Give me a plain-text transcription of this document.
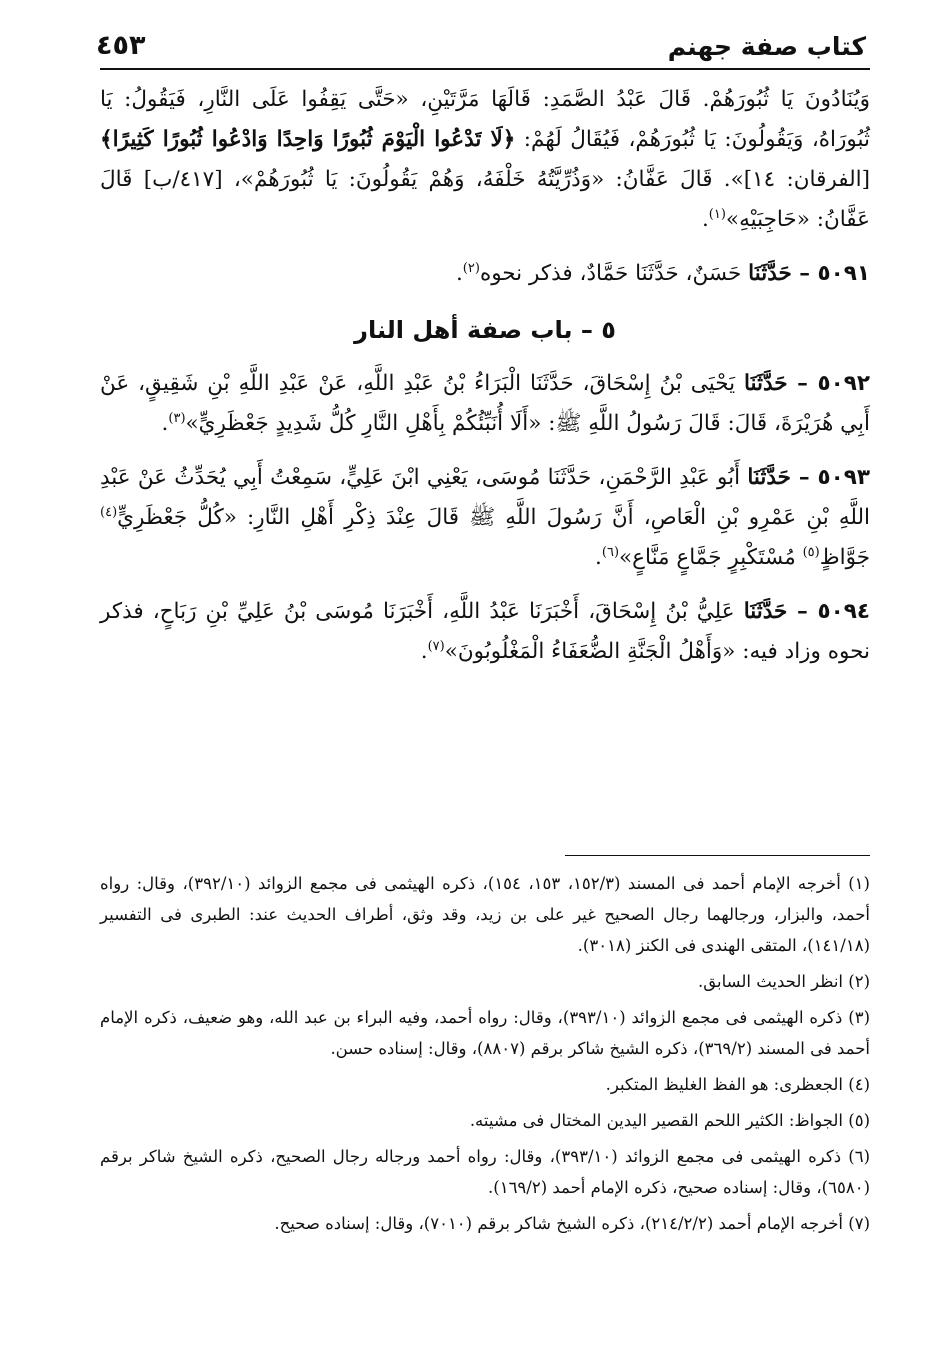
كتاب صفة جهنم
٤٥٣

وَيُنَادُونَ يَا ثُبُورَهُمْ. قَالَ عَبْدُ الصَّمَدِ: قَالَهَا مَرَّتَيْنِ، «حَتَّى يَقِفُوا عَلَى النَّارِ، فَيَقُولُ: يَا ثُبُورَاهُ، وَيَقُولُونَ: يَا ثُبُورَهُمْ، فَيُقَالُ لَهُمْ: ﴿لَا تَدْعُوا الْيَوْمَ ثُبُورًا وَاحِدًا وَادْعُوا ثُبُورًا كَثِيرًا﴾ [الفرقان: ١٤]». قَالَ عَفَّانُ: «وَذُرِّيَّتُهُ خَلْفَهُ، وَهُمْ يَقُولُونَ: يَا ثُبُورَهُمْ»، [٤١٧/ب] قَالَ عَفَّانُ: «حَاجِبَيْهِ»$^{(١)}$.

٥٠٩١ – حَدَّثَنَا حَسَنٌ، حَدَّثَنَا حَمَّادٌ، فذكر نحوه$^{(٢)}$.

٥ – باب صفة أهل النار

٥٠٩٢ – حَدَّثَنَا يَحْيَى بْنُ إِسْحَاقَ، حَدَّثَنَا الْبَرَاءُ بْنُ عَبْدِ اللَّهِ، عَنْ عَبْدِ اللَّهِ بْنِ شَقِيقٍ، عَنْ أَبِي هُرَيْرَةَ، قَالَ: قَالَ رَسُولُ اللَّهِ ﷺ: «أَلَا أُنَبِّئُكُمْ بِأَهْلِ النَّارِ كُلُّ شَدِيدٍ جَعْظَرِيٍّ»$^{(٣)}$.

٥٠٩٣ – حَدَّثَنَا أَبُو عَبْدِ الرَّحْمَنِ، حَدَّثَنَا مُوسَى، يَعْنِي ابْنَ عَلِيٍّ، سَمِعْتُ أَبِي يُحَدِّثُ عَنْ عَبْدِ اللَّهِ بْنِ عَمْرِو بْنِ الْعَاصِ، أَنَّ رَسُولَ اللَّهِ ﷺ قَالَ عِنْدَ ذِكْرِ أَهْلِ النَّارِ: «كُلُّ جَعْظَرِيٍّ$^{(٤)}$ جَوَّاظٍ$^{(٥)}$ مُسْتَكْبِرٍ جَمَّاعٍ مَنَّاعٍ»$^{(٦)}$.

٥٠٩٤ – حَدَّثَنَا عَلِيُّ بْنُ إِسْحَاقَ، أَخْبَرَنَا عَبْدُ اللَّهِ، أَخْبَرَنَا مُوسَى بْنُ عَلِيِّ بْنِ رَبَاحٍ، فذكر نحوه وزاد فيه: «وَأَهْلُ الْجَنَّةِ الضُّعَفَاءُ الْمَغْلُوبُونَ»$^{(٧)}$.

(١) أخرجه الإمام أحمد فى المسند (١٥٢/٣، ١٥٣، ١٥٤)، ذكره الهيثمى فى مجمع الزوائد (٣٩٢/١٠)، وقال: رواه أحمد، والبزار، ورجالهما رجال الصحيح غير على بن زيد، وقد وثق، أطراف الحديث عند: الطبرى فى التفسير (١٤١/١٨)، المتقى الهندى فى الكنز (٣٠١٨).

(٢) انظر الحديث السابق.

(٣) ذكره الهيثمى فى مجمع الزوائد (٣٩٣/١٠)، وقال: رواه أحمد، وفيه البراء بن عبد الله، وهو ضعيف، ذكره الإمام أحمد فى المسند (٣٦٩/٢)، ذكره الشيخ شاكر برقم (٨٨٠٧)، وقال: إسناده حسن.

(٤) الجعظرى: هو الفظ الغليظ المتكبر.

(٥) الجواظ: الكثير اللحم القصير اليدين المختال فى مشيته.

(٦) ذكره الهيثمى فى مجمع الزوائد (٣٩٣/١٠)، وقال: رواه أحمد ورجاله رجال الصحيح، ذكره الشيخ شاكر برقم (٦٥٨٠)، وقال: إسناده صحيح، ذكره الإمام أحمد (١٦٩/٢).

(٧) أخرجه الإمام أحمد (٢١٤/٢/٢)، ذكره الشيخ شاكر برقم (٧٠١٠)، وقال: إسناده صحيح.
